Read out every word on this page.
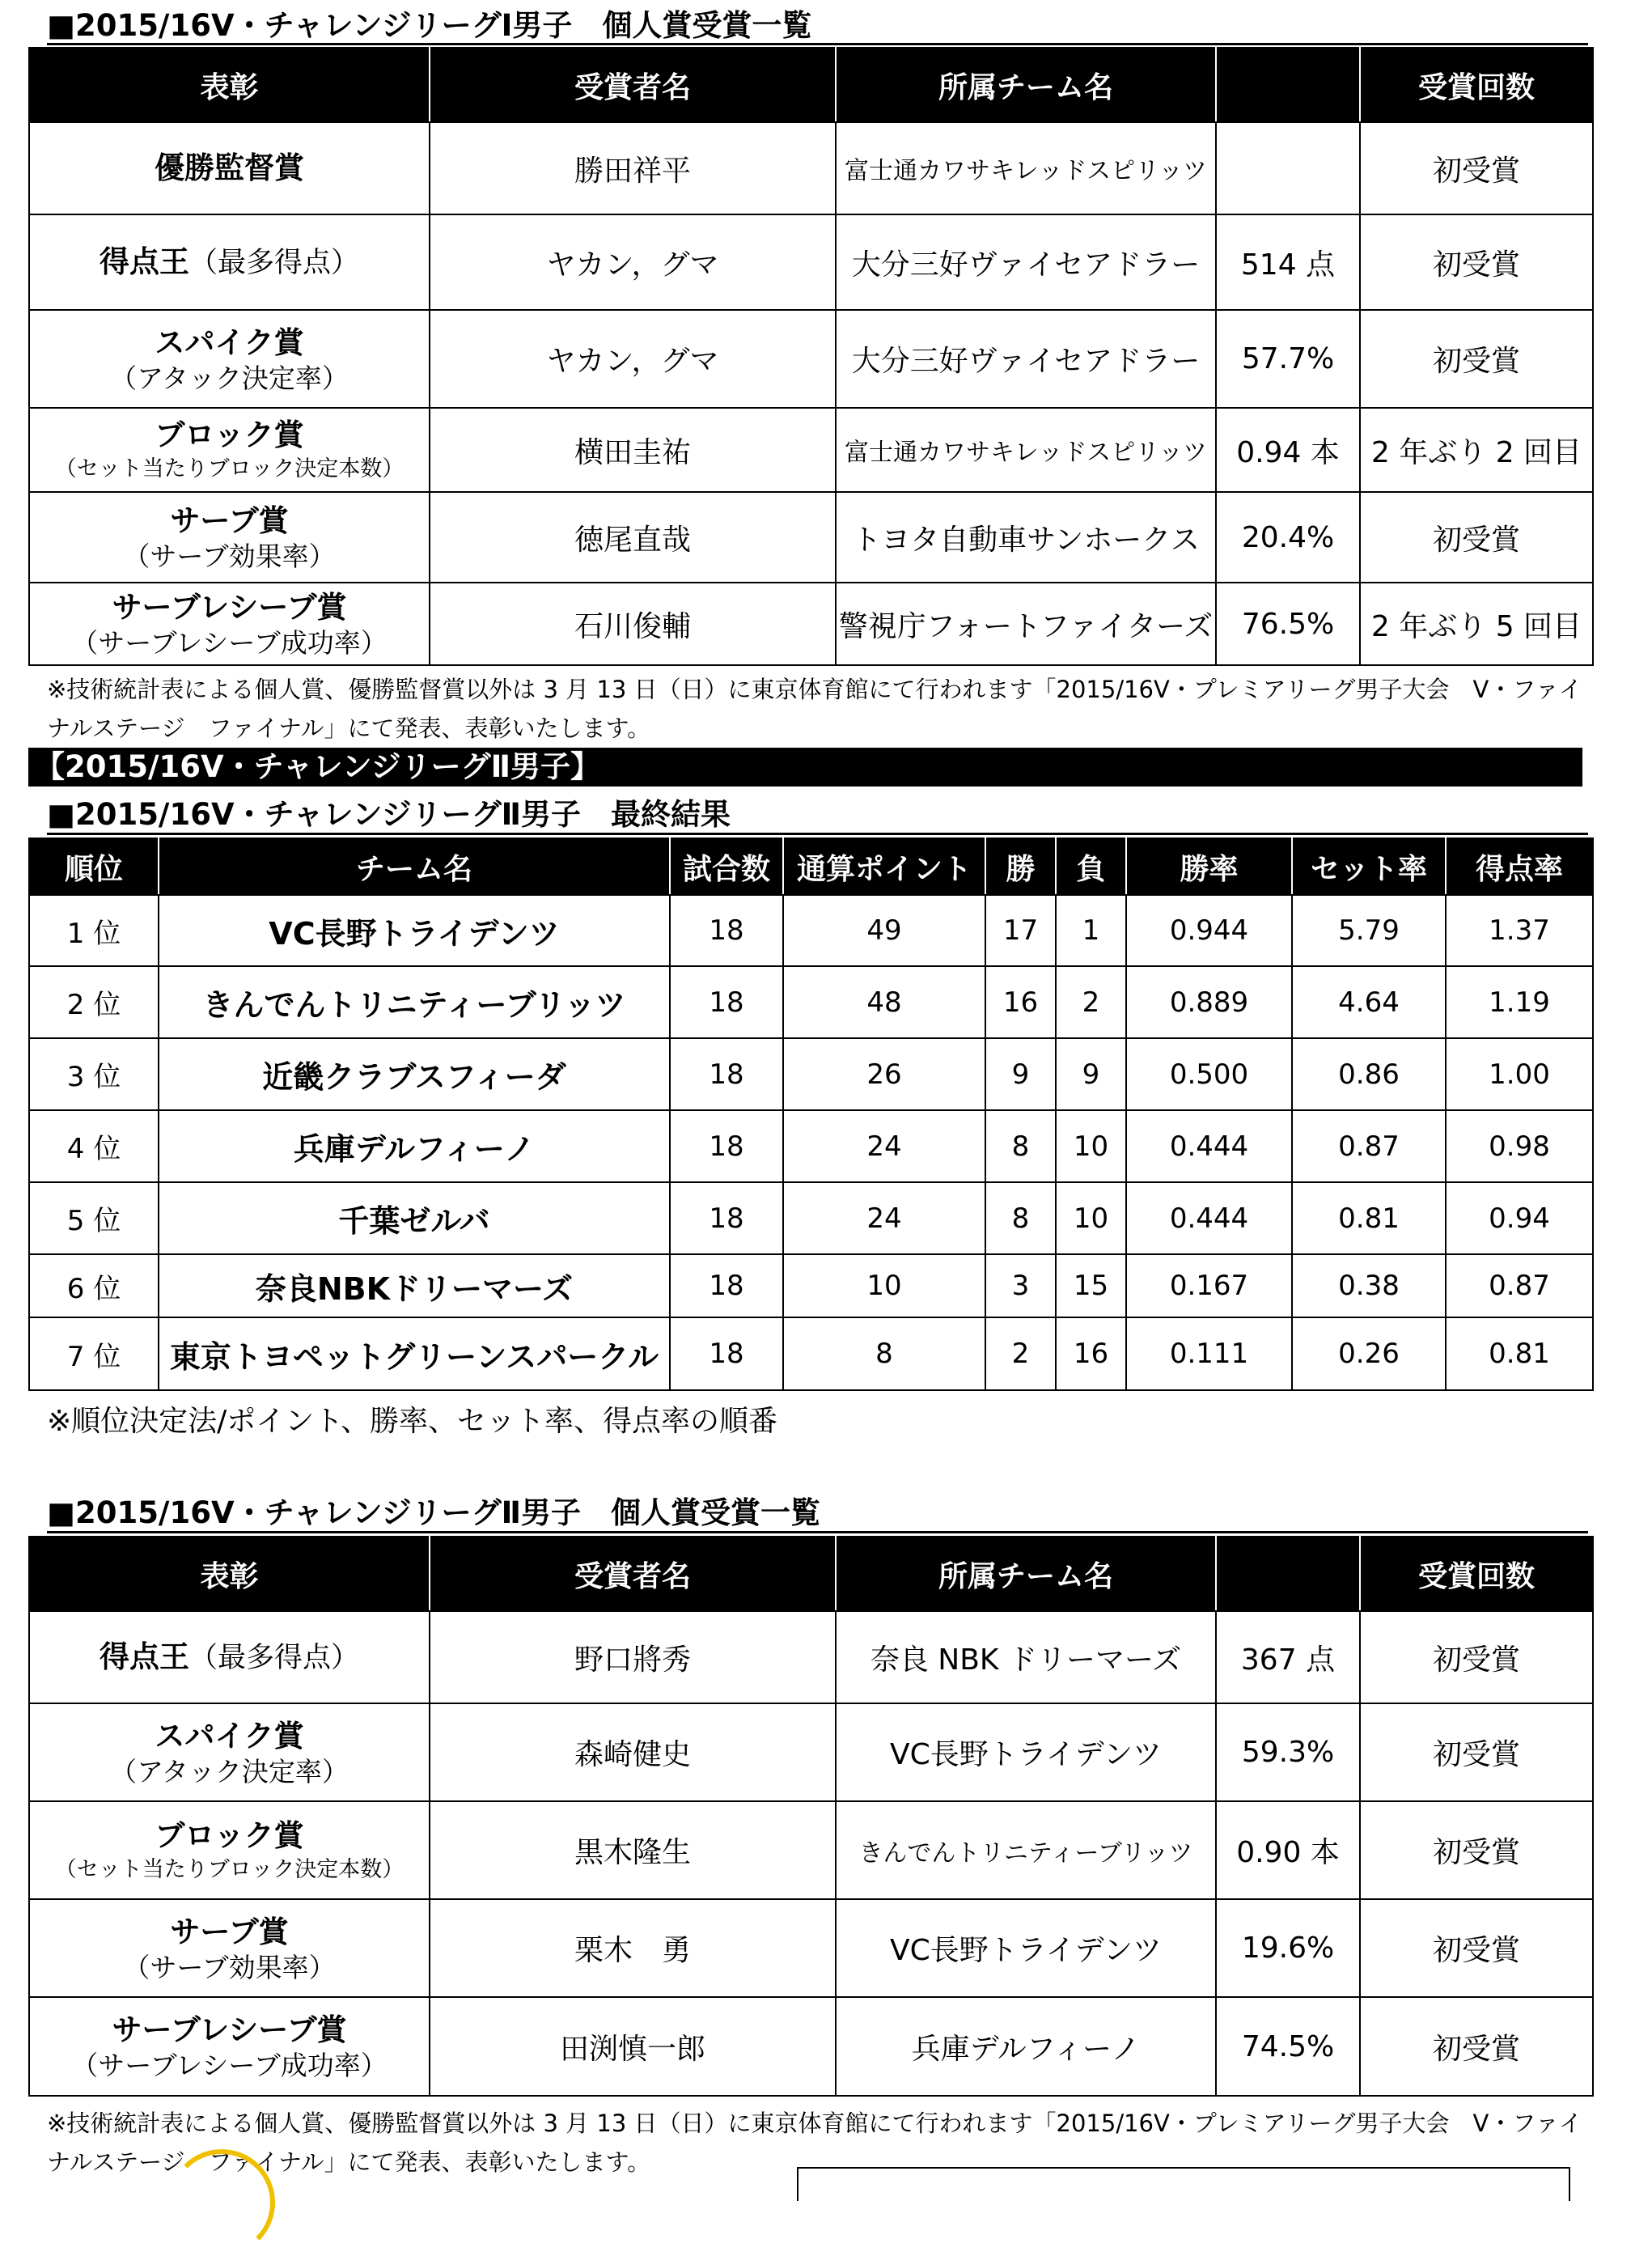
■2015/16V・チャレンジリーグⅠ男子　個人賞受賞一覧
表彰	受賞者名	所属チーム名		受賞回数

優勝監督賞	勝田祥平	富士通カワサキレッドスピリッツ		初受賞

得点王（最多得点）	ヤカン，グマ	大分三好ヴァイセアドラー	514 点	初受賞

スパイク賞
（アタック決定率）	ヤカン，グマ	大分三好ヴァイセアドラー	57.7%	初受賞

ブロック賞
（セット当たりブロック決定本数）	横田圭祐	富士通カワサキレッドスピリッツ	0.94 本	2 年ぶり 2 回目

サーブ賞
（サーブ効果率）	徳尾直哉	トヨタ自動車サンホークス	20.4%	初受賞

サーブレシーブ賞
（サーブレシーブ成功率）	石川俊輔	警視庁フォートファイターズ	76.5%	2 年ぶり 5 回目
※技術統計表による個人賞、優勝監督賞以外は 3 月 13 日（日）に東京体育館にて行われます「2015/16V・プレミアリーグ男子大会　V・ファイナルステージ　ファイナル」にて発表、表彰いたします。
【2015/16V・チャレンジリーグⅡ男子】
■2015/16V・チャレンジリーグⅡ男子　最終結果
順位	チーム名	試合数	通算ポイント	勝	負	勝率	セット率	得点率
1 位	VC長野トライデンツ	18	49	17	1	0.944	5.79	1.37
2 位	きんでんトリニティーブリッツ	18	48	16	2	0.889	4.64	1.19
3 位	近畿クラブスフィーダ	18	26	9	9	0.500	0.86	1.00
4 位	兵庫デルフィーノ	18	24	8	10	0.444	0.87	0.98
5 位	千葉ゼルバ	18	24	8	10	0.444	0.81	0.94
6 位	奈良NBKドリーマーズ	18	10	3	15	0.167	0.38	0.87
7 位	東京トヨペットグリーンスパークル	18	8	2	16	0.111	0.26	0.81
※順位決定法/ポイント、勝率、セット率、得点率の順番
■2015/16V・チャレンジリーグⅡ男子　個人賞受賞一覧
表彰	受賞者名	所属チーム名		受賞回数

得点王（最多得点）	野口將秀	奈良 NBK ドリーマーズ	367 点	初受賞

スパイク賞
（アタック決定率）	森崎健史	VC長野トライデンツ	59.3%	初受賞

ブロック賞
（セット当たりブロック決定本数）	黒木隆生	きんでんトリニティーブリッツ	0.90 本	初受賞

サーブ賞
（サーブ効果率）	栗木　勇	VC長野トライデンツ	19.6%	初受賞

サーブレシーブ賞
（サーブレシーブ成功率）	田渕慎一郎	兵庫デルフィーノ	74.5%	初受賞
※技術統計表による個人賞、優勝監督賞以外は 3 月 13 日（日）に東京体育館にて行われます「2015/16V・プレミアリーグ男子大会　V・ファイナルステージ　ファイナル」にて発表、表彰いたします。
